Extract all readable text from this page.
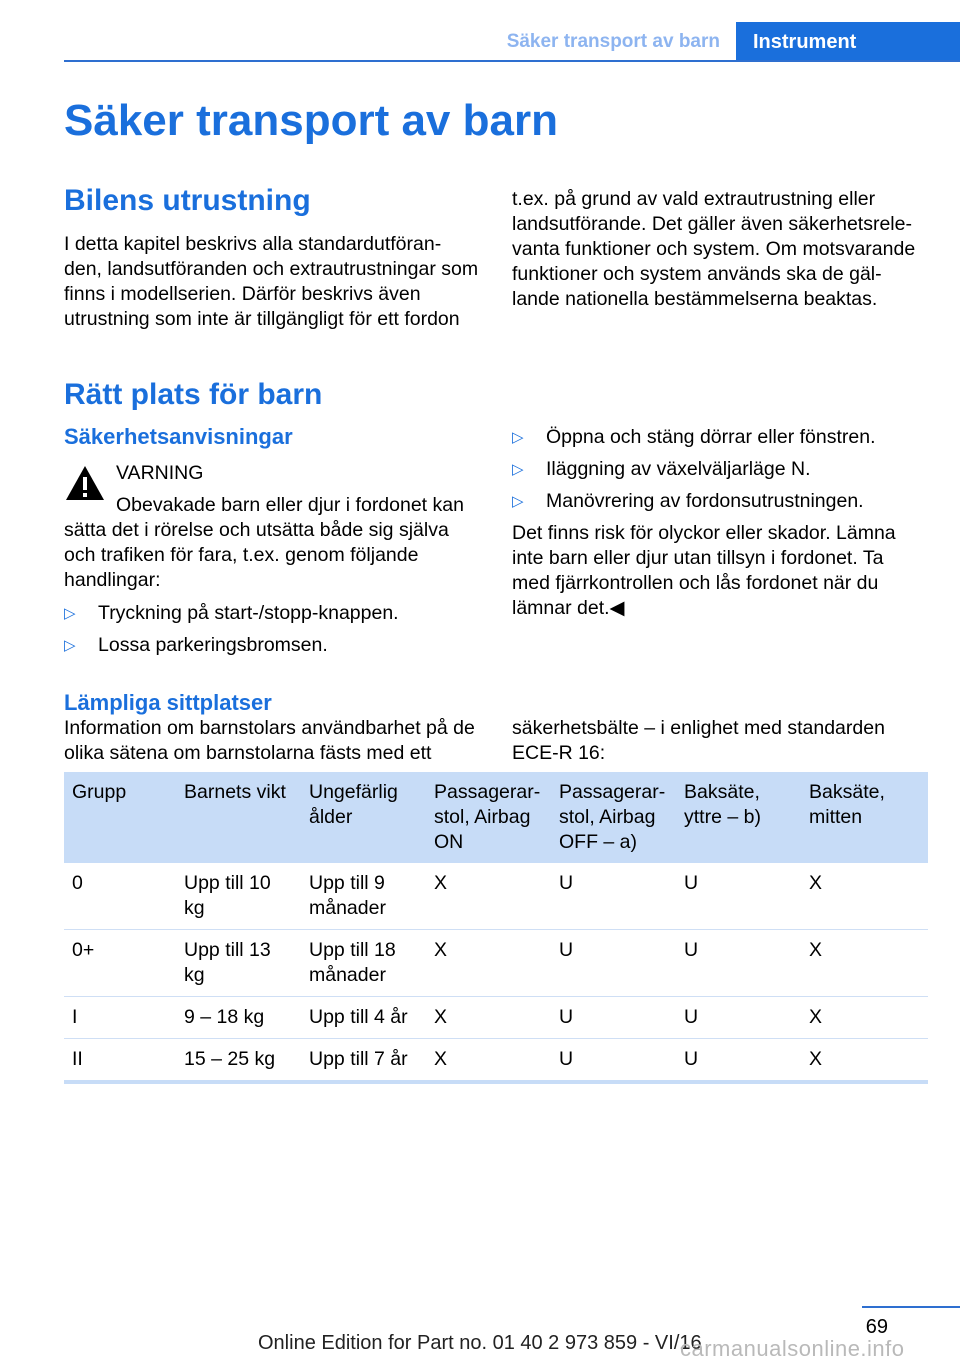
Säker transport av barn	Instrument
Säker transport av barn
Bilens utrustning

I detta kapitel beskrivs alla standardutföran- den, landsutföranden och extrautrustningar som finns i modellserien. Därför beskrivs även utrustning som inte är tillgängligt för ett fordon

t.ex. på grund av vald extrautrustning eller landsutförande. Det gäller även säkerhetsrele- vanta funktioner och system. Om motsvarande funktioner och system används ska de gäl- lande nationella bestämmelserna beaktas.

Rätt plats för barn
Säkerhetsanvisningar
VARNING

Obevakade barn eller djur i fordonet kan sätta det i rörelse och utsätta både sig själva och trafiken för fara, t.ex. genom följande handlingar:

▷ Tryckning på start-/stopp-knappen.
▷ Lossa parkeringsbromsen.
▷ Öppna och stäng dörrar eller fönstren.
▷ Iläggning av växelväljarläge N.
▷ Manövrering av fordonsutrustningen.

Det finns risk för olyckor eller skador. Lämna inte barn eller djur utan tillsyn i fordonet. Ta med fjärrkontrollen och lås fordonet när du lämnar det.◀

Lämpliga sittplatser

Information om barnstolars användbarhet på de olika sätena om barnstolarna fästs med ett

säkerhetsbälte – i enlighet med standarden ECE-R 16:

Grupp	Barnets vikt	Ungefärlig ålder	Passagerar- stol, Airbag ON	Passagerar- stol, Airbag OFF – a)	Baksäte, yttre – b)	Baksäte, mitten
0	Upp till 10 kg	Upp till 9 månader	X	U	U	X
0+	Upp till 13 kg	Upp till 18 månader	X	U	U	X
I	9 – 18 kg	Upp till 4 år	X	U	U	X
II	15 – 25 kg	Upp till 7 år	X	U	U	X
69
Online Edition for Part no. 01 40 2 973 859 - VI/16
carmanualsonline.info
